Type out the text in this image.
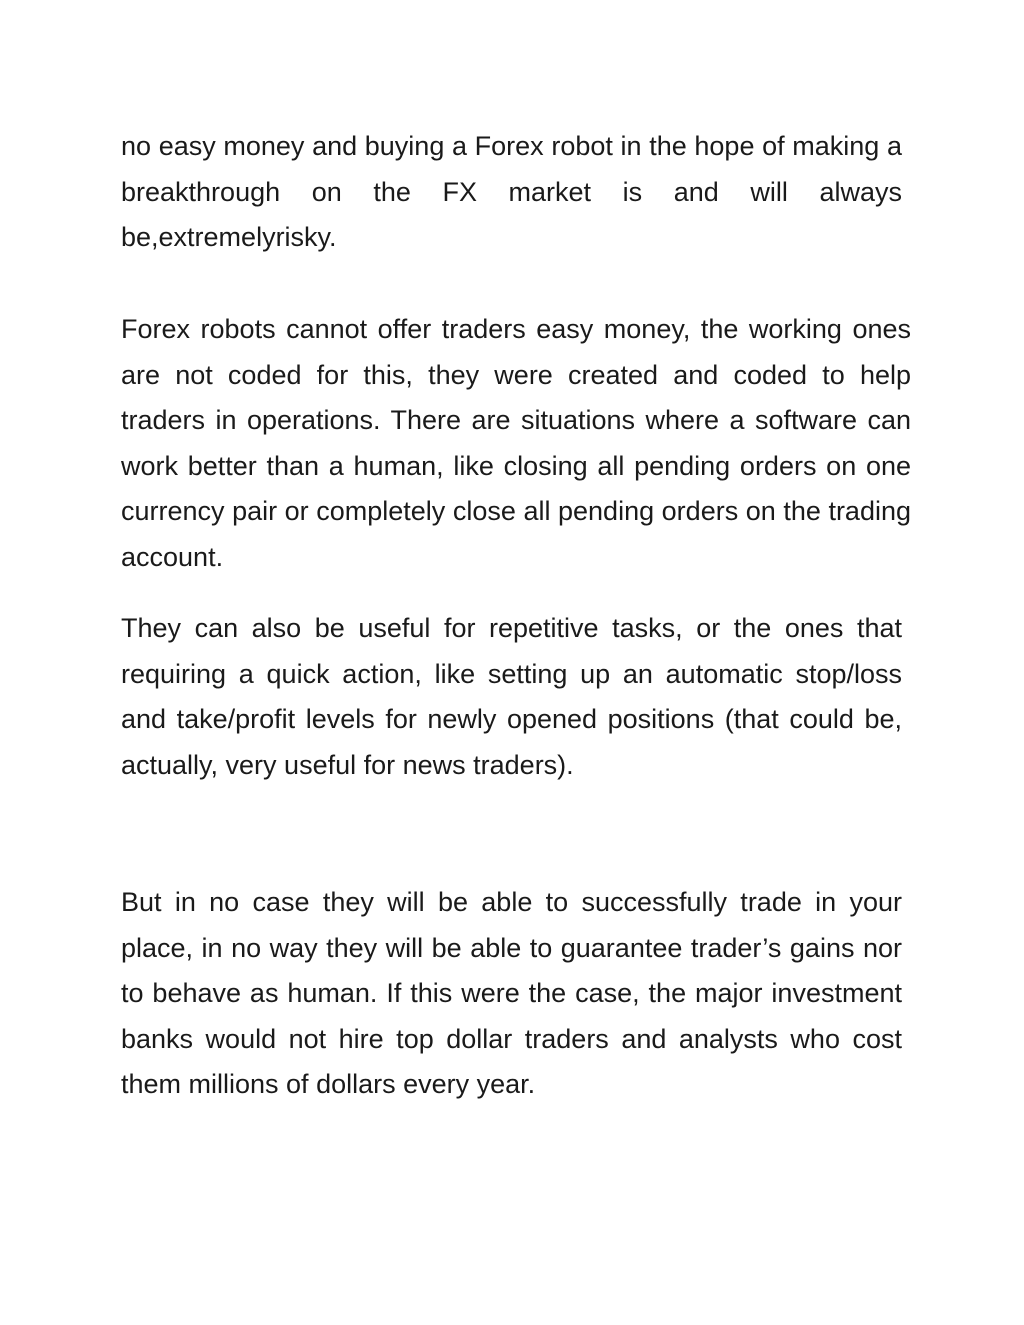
no easy money and buying a Forex robot in the hope of making a breakthrough on the FX market is and will always be,extremelyrisky.

Forex robots cannot offer traders easy money, the working ones are not coded for this, they were created and coded to help traders in operations. There are situations where a software can work better than a human, like closing all pending orders on one currency pair or completely close all pending orders on the trading account.

They can also be useful for repetitive tasks, or the ones that requiring a quick action, like setting up an automatic stop/loss and take/profit levels for newly opened positions (that could be, actually, very useful for news traders).

But in no case they will be able to successfully trade in your place, in no way they will be able to guarantee trader’s gains nor to behave as human. If this were the case, the major investment banks would not hire top dollar traders and analysts who cost them millions of dollars every year.
